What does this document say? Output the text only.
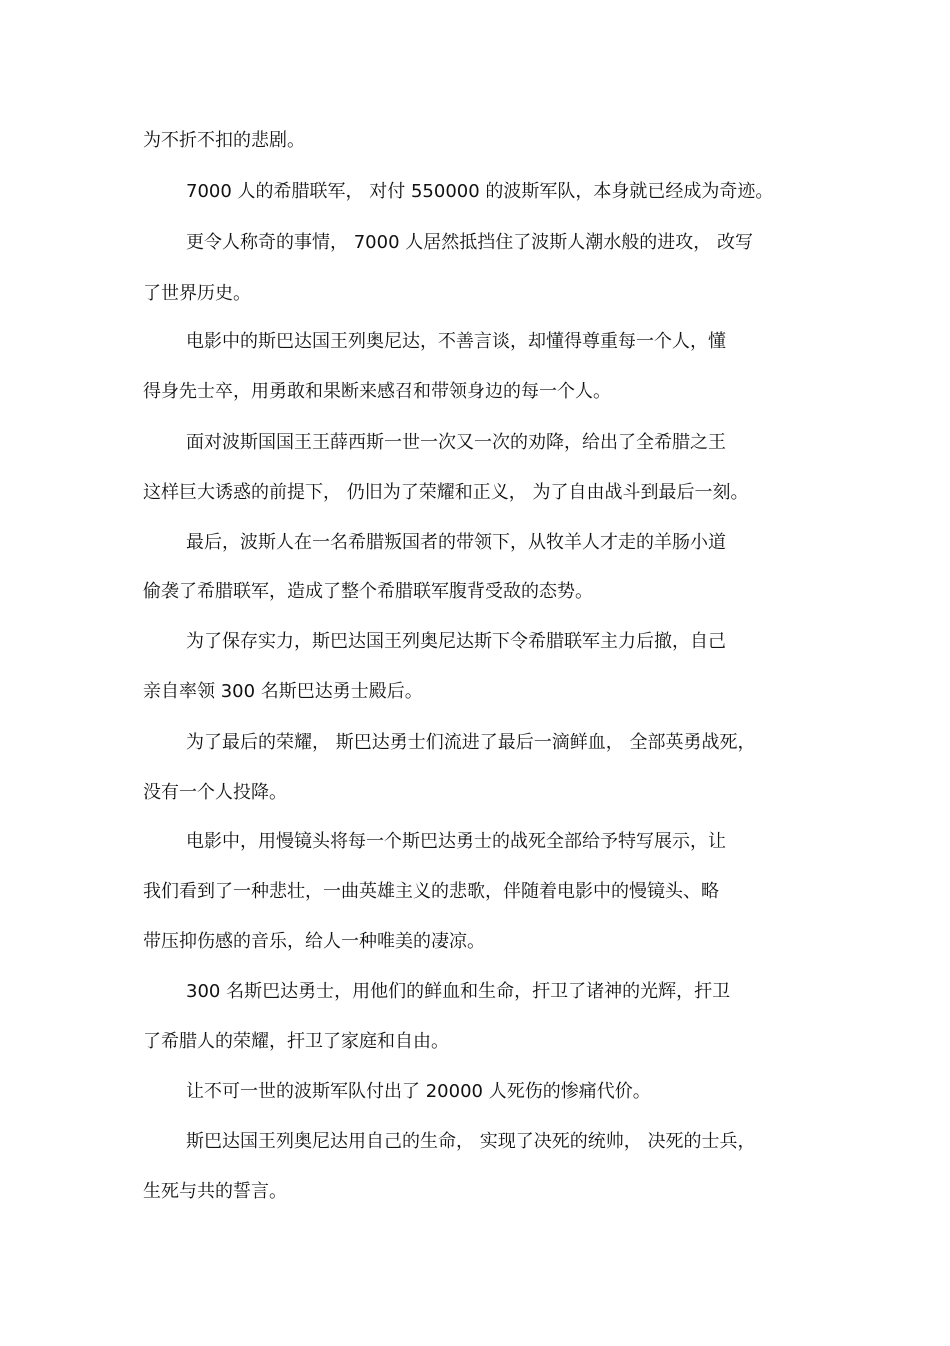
为不折不扣的悲剧。

7000 人的希腊联军， 对付 550000 的波斯军队，本身就已经成为奇迹。

更令人称奇的事情， 7000 人居然抵挡住了波斯人潮水般的进攻， 改写

了世界历史。

电影中的斯巴达国王列奥尼达，不善言谈，却懂得尊重每一个人，懂

得身先士卒，用勇敢和果断来感召和带领身边的每一个人。

面对波斯国国王王薛西斯一世一次又一次的劝降，给出了全希腊之王

这样巨大诱惑的前提下， 仍旧为了荣耀和正义， 为了自由战斗到最后一刻。

最后，波斯人在一名希腊叛国者的带领下，从牧羊人才走的羊肠小道

偷袭了希腊联军，造成了整个希腊联军腹背受敌的态势。

为了保存实力，斯巴达国王列奥尼达斯下令希腊联军主力后撤，自己

亲自率领 300 名斯巴达勇士殿后。

为了最后的荣耀， 斯巴达勇士们流进了最后一滴鲜血， 全部英勇战死，

没有一个人投降。

电影中，用慢镜头将每一个斯巴达勇士的战死全部给予特写展示，让

我们看到了一种悲壮，一曲英雄主义的悲歌，伴随着电影中的慢镜头、略

带压抑伤感的音乐，给人一种唯美的凄凉。

300 名斯巴达勇士，用他们的鲜血和生命，扞卫了诸神的光辉，扞卫

了希腊人的荣耀，扞卫了家庭和自由。

让不可一世的波斯军队付出了 20000 人死伤的惨痛代价。

斯巴达国王列奥尼达用自己的生命， 实现了决死的统帅， 决死的士兵，

生死与共的誓言。
